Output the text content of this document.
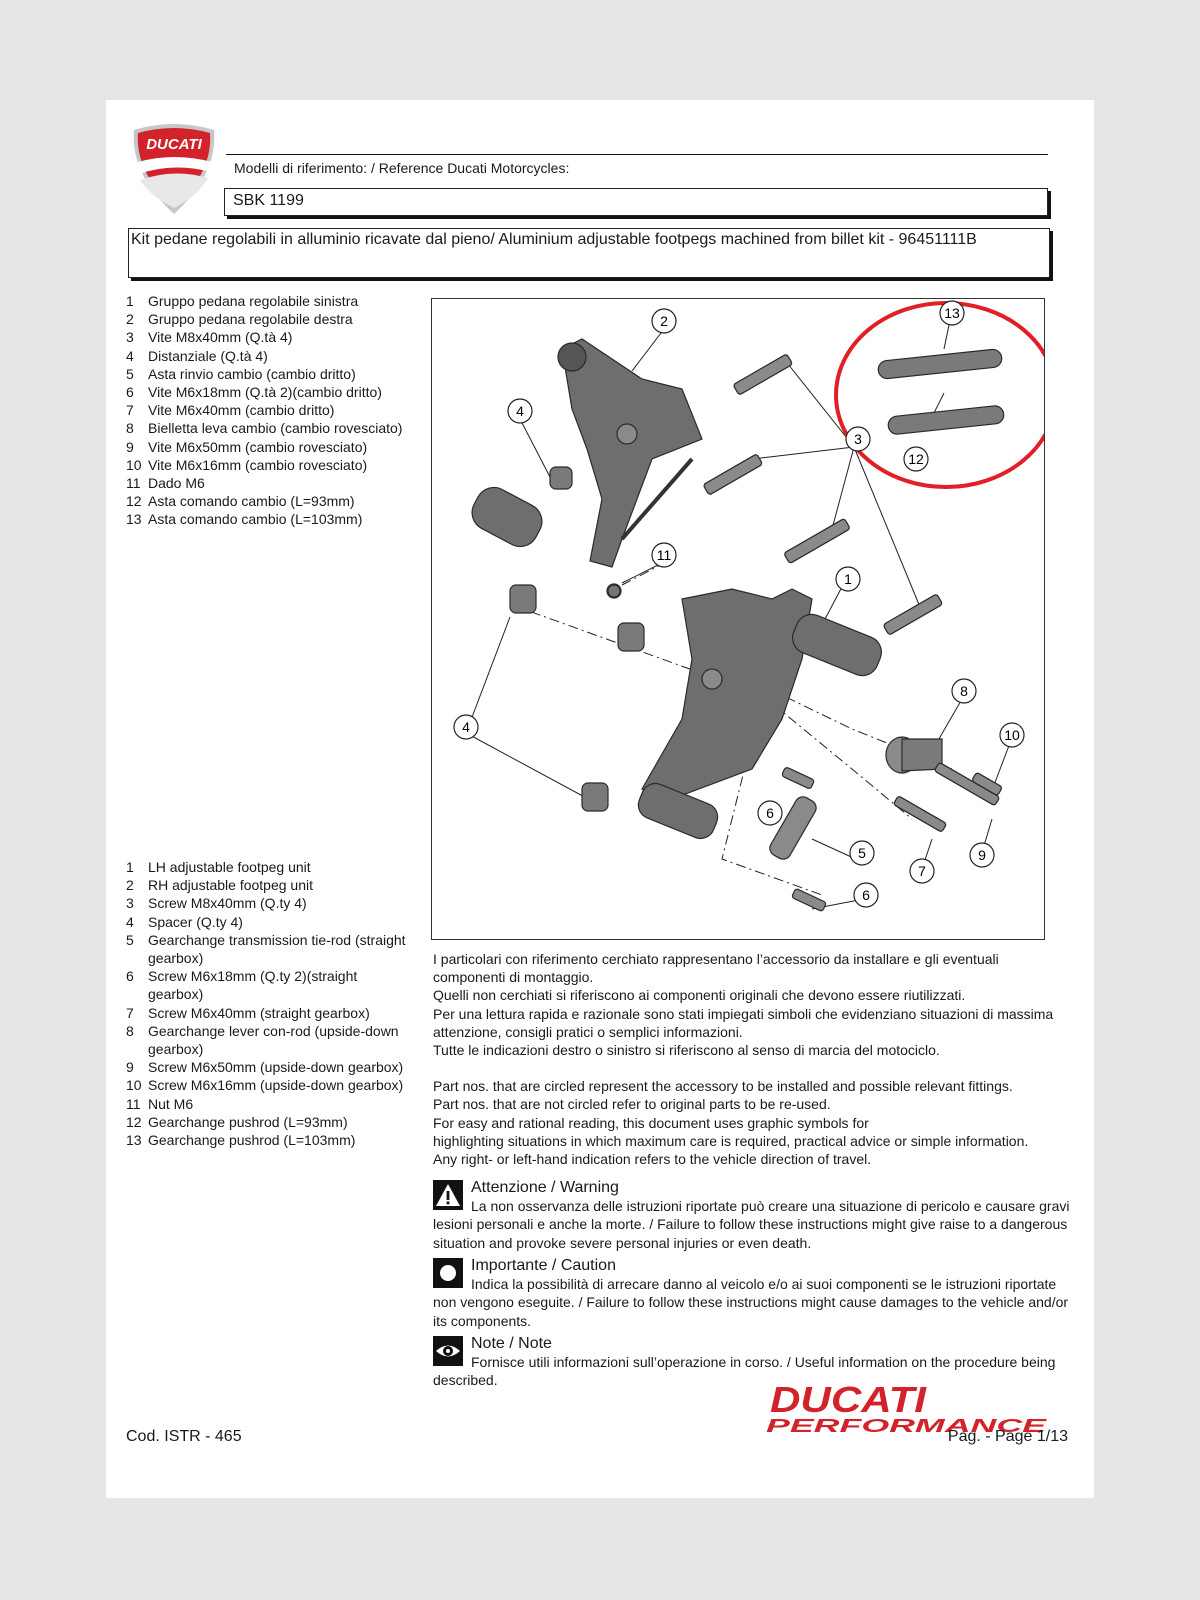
DUCATI
Modelli di riferimento: / Reference Ducati Motorcycles:
SBK 1199
Kit pedane regolabili in alluminio ricavate dal pieno/ Aluminium adjustable footpegs machined from billet kit - 96451111B
1	Gruppo pedana regolabile sinistra
2	Gruppo pedana regolabile destra
3	Vite M8x40mm (Q.tà 4)
4	Distanziale (Q.tà 4)
5	Asta rinvio cambio (cambio dritto)
6	Vite M6x18mm (Q.tà 2)(cambio dritto)
7	Vite M6x40mm (cambio dritto)
8	Bielletta leva cambio (cambio rovesciato)
9	Vite M6x50mm (cambio rovesciato)
10 Vite M6x16mm (cambio rovesciato)
11 Dado M6
12 Asta comando cambio (L=93mm)
13 Asta comando cambio (L=103mm)
2
4
13
3
12
11
1
8
10
4
6
5
7
9
6
1	LH adjustable footpeg unit
2	RH adjustable footpeg unit
3	Screw M8x40mm (Q.ty 4)
4	Spacer (Q.ty 4)
5	Gearchange transmission tie-rod (straight gearbox)
6	Screw M6x18mm (Q.ty 2)(straight gearbox)
7	Screw M6x40mm (straight gearbox)
8	Gearchange lever con-rod (upside-down gearbox)
9	Screw M6x50mm (upside-down gearbox)
10 Screw M6x16mm (upside-down gearbox)
11 Nut M6
12 Gearchange pushrod (L=93mm)
13 Gearchange pushrod (L=103mm)

I particolari con riferimento cerchiato rappresentano l’accessorio da installare e gli eventuali componenti di montaggio.

Quelli non cerchiati si riferiscono ai componenti originali che devono essere riutilizzati.

Per una lettura rapida e razionale sono stati impiegati simboli che evidenziano situazioni di massima attenzione, consigli pratici o semplici informazioni.

Tutte le indicazioni destro o sinistro si riferiscono al senso di marcia del motociclo.

Part nos. that are circled represent the accessory to be installed and possible relevant fittings.

Part nos. that are not circled refer to original parts to be re-used.

For easy and rational reading, this document uses graphic symbols for

highlighting situations in which maximum care is required, practical advice or simple information.

Any right- or left-hand indication refers to the vehicle direction of travel.

Attenzione / Warning
La non osservanza delle istruzioni riportate può creare una situazione di pericolo e causare gravi lesioni personali e anche la morte. / Failure to follow these instructions might give raise to a dangerous situation and provoke severe personal injuries or even death.
Importante / Caution
Indica la possibilità di arrecare danno al veicolo e/o ai suoi componenti se le istruzioni riportate non vengono eseguite. / Failure to follow these instructions might cause damages to the vehicle and/or its components.
Note / Note
Fornisce utili informazioni sull’operazione in corso. / Useful information on the procedure being described.	DUCATI
PERFORMANCE
Cod. ISTR - 465	Pag. - Page 1/13
